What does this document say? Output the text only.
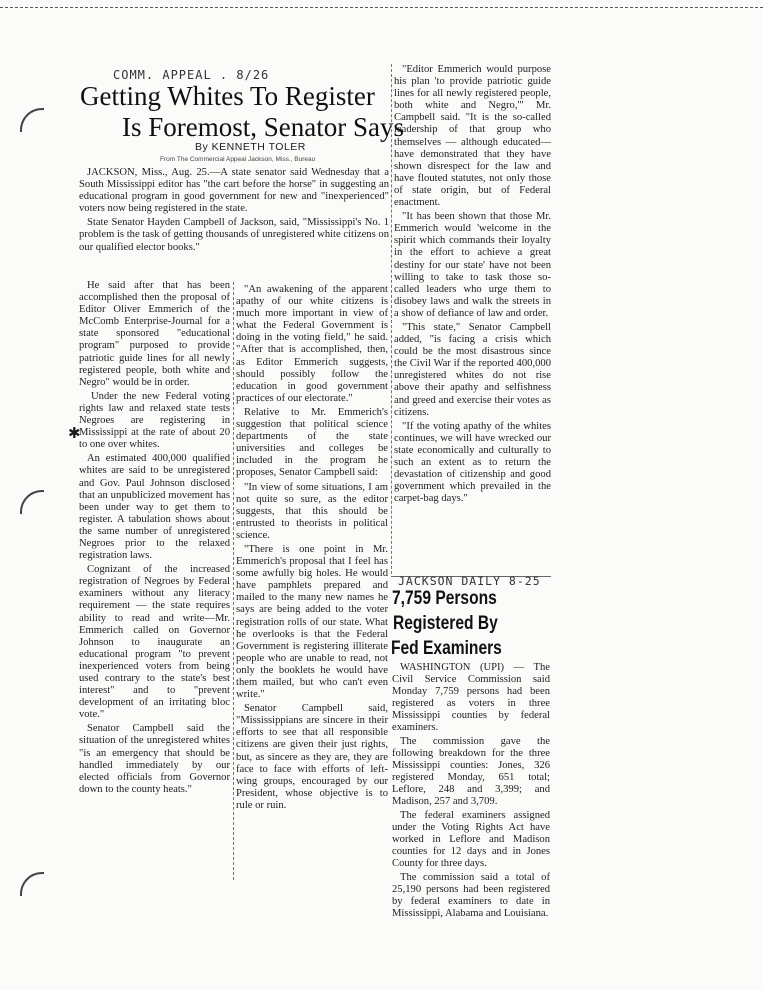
COMM. APPEAL . 8/26
Getting Whites To Register
Is Foremost, Senator Says
By KENNETH TOLER
From The Commercial Appeal Jackson, Miss., Bureau

JACKSON, Miss., Aug. 25.—A state senator said Wednesday that a South Mississippi editor has "the cart before the horse" in suggesting an educational program in good government for new and "inexperienced" voters now being registered in the state.

State Senator Hayden Campbell of Jackson, said, "Mississippi's No. 1 problem is the task of getting thousands of unregistered white citizens on our qualified elector books."

He said after that has been accomplished then the proposal of Editor Oliver Emmerich of the McComb Enterprise-Journal for a state sponsored "educational program" purposed to provide patriotic guide lines for all newly registered people, both white and Negro" would be in order.

Under the new Federal voting rights law and relaxed state tests Negroes are registering in Mississippi at the rate of about 20 to one over whites.

An estimated 400,000 qualified whites are said to be unregistered and Gov. Paul Johnson disclosed that an unpublicized movement has been under way to get them to register. A tabulation shows about the same number of unregistered Negroes prior to the relaxed registration laws.

Cognizant of the increased registration of Negroes by Federal examiners without any literacy requirement — the state requires ability to read and write—Mr. Emmerich called on Governor Johnson to inaugurate an educational program "to prevent inexperienced voters from being used contrary to the state's best interest" and to "prevent development of an irritating bloc vote."

Senator Campbell said the situation of the unregistered whites "is an emergency that should be handled immediately by our elected officials from Governor down to the county heats."

✱

"An awakening of the apparent apathy of our white citizens is much more important in view of what the Federal Government is doing in the voting field," he said. "After that is accomplished, then, as Editor Emmerich suggests, should possibly follow the education in good government practices of our electorate."

Relative to Mr. Emmerich's suggestion that political science departments of the state universities and colleges be included in the program he proposes, Senator Campbell said:

"In view of some situations, I am not quite so sure, as the editor suggests, that this should be entrusted to theorists in political science.

"There is one point in Mr. Emmerich's proposal that I feel has some awfully big holes. He would have pamphlets prepared and mailed to the many new names he says are being added to the voter registration rolls of our state. What he overlooks is that the Federal Government is registering illiterate people who are unable to read, not only the booklets he would have them mailed, but who can't even write."

Senator Campbell said, "Mississippians are sincere in their efforts to see that all responsible citizens are given their just rights, but, as sincere as they are, they are face to face with efforts of left-wing groups, encouraged by our President, whose objective is to rule or ruin.

"Editor Emmerich would purpose his plan 'to provide patriotic guide lines for all newly registered people, both white and Negro,'" Mr. Campbell said. "It is the so-called leadership of that group who themselves — although educated—have demonstrated that they have shown disrespect for the law and have flouted statutes, not only those of state origin, but of Federal enactment.

"It has been shown that those Mr. Emmerich would 'welcome in the spirit which commands their loyalty in the effort to achieve a great destiny for our state' have not been willing to take to task those so-called leaders who urge them to disobey laws and walk the streets in a show of defiance of law and order.

"This state," Senator Campbell added, "is facing a crisis which could be the most disastrous since the Civil War if the reported 400,000 unregistered whites do not rise above their apathy and selfishness and greed and exercise their votes as citizens.

"If the voting apathy of the whites continues, we will have wrecked our state economically and culturally to such an extent as to return the devastation of citizenship and good government which prevailed in the carpet-bag days."

JACKSON DAILY 8-25
7,759 Persons
Registered By
Fed Examiners

WASHINGTON (UPI) — The Civil Service Commission said Monday 7,759 persons had been registered as voters in three Mississippi counties by federal examiners.

The commission gave the following breakdown for the three Mississippi counties: Jones, 326 registered Monday, 651 total; Leflore, 248 and 3,399; and Madison, 257 and 3,709.

The federal examiners assigned under the Voting Rights Act have worked in Leflore and Madison counties for 12 days and in Jones County for three days.

The commission said a total of 25,190 persons had been registered by federal examiners to date in Mississippi, Alabama and Louisiana.
